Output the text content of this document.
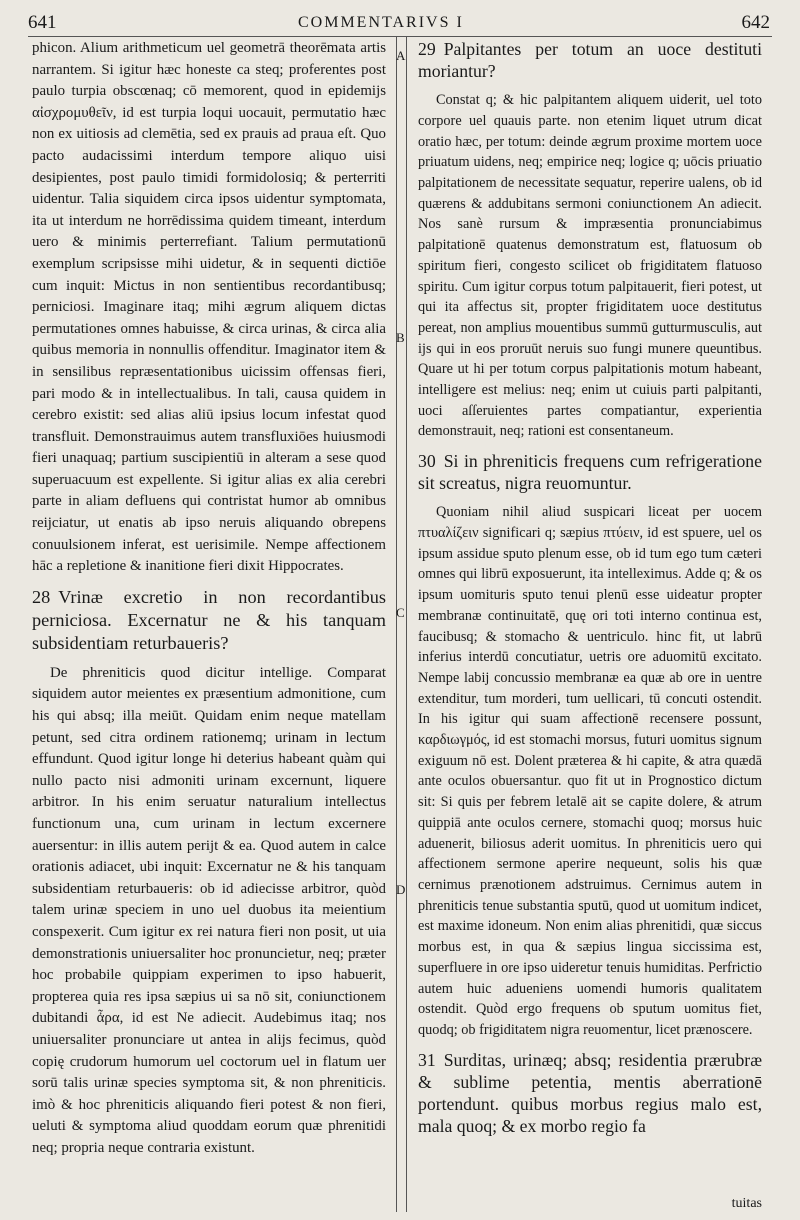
641	COMMENTARIVS I	642
A
B
C
D

phicon. Alium arithmeticum uel geometrā theorēmata artis narrantem. Si igitur hæc honeste ca steq; proferentes post paulo turpia obscœnaq; cō memorent, quod in epidemijs αἰσχρομυθεῖν, id est turpia loqui uocauit, permutatio hæc non ex uitiosis ad clemētia, sed ex prauis ad praua eſt. Quo pacto audacissimi interdum tempore aliquo uisi desipientes, post paulo timidi formidolosiq; & perterriti uidentur. Talia siquidem circa ipsos uidentur symptomata, ita ut interdum ne horrēdissima quidem timeant, interdum uero & minimis perterrefiant. Talium permutationū exemplum scripsisse mihi uidetur, & in sequenti dictiōe cum inquit: Mictus in non sentientibus recordantibusq; perniciosi. Imaginare itaq; mihi ægrum aliquem dictas permutationes omnes habuisse, & circa urinas, & circa alia quibus memoria in nonnullis offenditur. Imaginator item & in sensilibus repræsentationibus uicissim offensas fieri, pari modo & in intellectualibus. In tali, causa quidem in cerebro existit: sed alias aliū ipsius locum infestat quod transfluit. Demonstrauimus autem transfluxiōes huiusmodi fieri unaquaq; partium suscipientiū in alteram a sese quod superuacuum est expellente. Si igitur alias ex alia cerebri parte in aliam defluens qui contristat humor ab omnibus reijciatur, ut enatis ab ipso neruis aliquando obrepens conuulsionem inferat, est uerisimile. Nempe affectionem hāc a repletione & inanitione fieri dixit Hippocrates.

28 Vrinæ excretio in non recordantibus perniciosa. Excernatur ne & his tanquam subsidentiam returbaueris?

De phreniticis quod dicitur intellige. Comparat siquidem autor meientes ex præsentium admonitione, cum his qui absq; illa meiūt. Quidam enim neque matellam petunt, sed citra ordinem rationemq; urinam in lectum effundunt. Quod igitur longe hi deterius habeant quàm qui nullo pacto nisi admoniti urinam excernunt, liquere arbitror. In his enim seruatur naturalium intellectus functionum una, cum urinam in lectum excernere auersentur: in illis autem perijt & ea. Quod autem in calce orationis adiacet, ubi inquit: Excernatur ne & his tanquam subsidentiam returbaueris: ob id adiecisse arbitror, quòd talem urinæ speciem in uno uel duobus ita meientium conspexerit. Cum igitur ex rei natura fieri non posit, ut uia demonstrationis uniuersaliter hoc pronuncietur, neq; præter hoc probabile quippiam experimen to ipso habuerit, propterea quia res ipsa sæpius ui sa nō sit, coniunctionem dubitandi ἆρα, id est Ne adiecit. Audebimus itaq; nos uniuersaliter pronunciare ut antea in alijs fecimus, quòd copię crudorum humorum uel coctorum uel in flatum uer sorū talis urinæ species symptoma sit, & non phreniticis. imò & hoc phreniticis aliquando fieri potest & non fieri, ueluti & symptoma aliud quoddam eorum quæ phrenitidi neq; propria neque contraria existunt.

29 Palpitantes per totum an uoce destituti moriantur?

Constat q; & hic palpitantem aliquem uiderit, uel toto corpore uel quauis parte. non etenim liquet utrum dicat oratio hæc, per totum: deinde ægrum proxime mortem uoce priuatum uidens, neq; empirice neq; logice q; uōcis priuatio palpitationem de necessitate sequatur, reperire ualens, ob id quærens & addubitans sermoni coniunctionem An adiecit. Nos sanè rursum & impræsentia pronunciabimus palpitationē quatenus demonstratum est, flatuosum ob spiritum fieri, congesto scilicet ob frigiditatem flatuoso spiritu. Cum igitur corpus totum palpitauerit, fieri potest, ut qui ita affectus sit, propter frigiditatem uoce destitutus pereat, non amplius mouentibus summū gutturmusculis, aut ijs qui in eos proruūt neruis suo fungi munere queuntibus. Quare ut hi per totum corpus palpitationis motum habeant, intelligere est melius: neq; enim ut cuiuis parti palpitanti, uoci aſſeruientes partes compatiantur, experientia demonstrauit, neq; rationi est consentaneum.

30 Si in phreniticis frequens cum refrigeratione sit screatus, nigra reuomuntur.

Quoniam nihil aliud suspicari liceat per uocem πτυαλίζειν significari q; sæpius πτύειν, id est spuere, uel os ipsum assidue sputo plenum esse, ob id tum ego tum cæteri omnes qui librū exposuerunt, ita intelleximus. Adde q; & os ipsum uomituris sputo tenui plenū esse uideatur propter membranæ continuitatē, quę ori toti interno continua est, faucibusq; & stomacho & uentriculo. hinc fit, ut labrū inferius interdū concutiatur, uetris ore aduomitū excitato. Nempe labij concussio membranæ ea quæ ab ore in uentre extenditur, tum morderi, tum uellicari, tū concuti ostendit. In his igitur qui suam affectionē recensere possunt, καρδιωγμός, id est stomachi morsus, futuri uomitus signum exiguum nō est. Dolent præterea & hi capite, & atra quædā ante oculos obuersantur. quo fit ut in Prognostico dictum sit: Si quis per febrem letalē ait se capite dolere, & atrum quippiā ante oculos cernere, stomachi quoq; morsus huic aduenerit, biliosus aderit uomitus. In phreniticis uero qui affectionem sermone aperire nequeunt, solis his quæ cernimus prænotionem adstruimus. Cernimus autem in phreniticis tenue substantia sputū, quod ut uomitum indicet, est maxime idoneum. Non enim alias phrenitidi, quæ siccus morbus est, in qua & sæpius lingua siccissima est, superfluere in ore ipso uideretur tenuis humiditas. Perfrictio autem huic adueniens uomendi humoris qualitatem ostendit. Quòd ergo frequens ob sputum uomitus fiet, quodq; ob frigiditatem nigra reuomentur, licet prænoscere.

31 Surditas, urinæq; absq; residentia prærubræ & sublime petentia, mentis aberrationē portendunt. quibus morbus regius malo est, mala quoq; & ex morbo regio fa

tuitas
